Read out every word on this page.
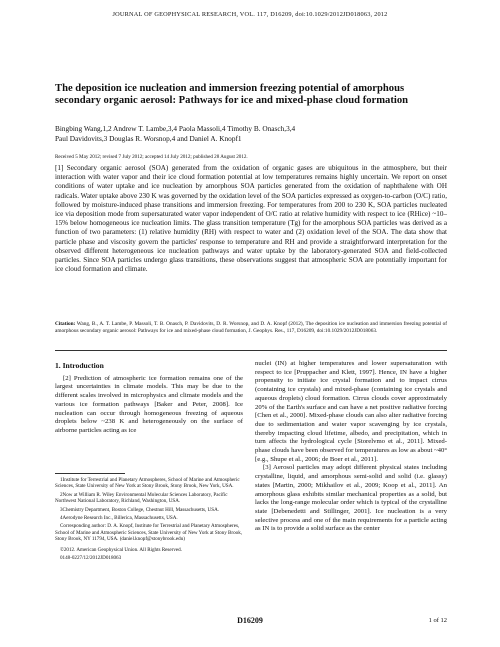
JOURNAL OF GEOPHYSICAL RESEARCH, VOL. 117, D16209, doi:10.1029/2012JD018063, 2012
The deposition ice nucleation and immersion freezing potential of amorphous secondary organic aerosol: Pathways for ice and mixed-phase cloud formation
Bingbing Wang,1,2 Andrew T. Lambe,3,4 Paola Massoli,4 Timothy B. Onasch,3,4
Paul Davidovits,3 Douglas R. Worsnop,4 and Daniel A. Knopf1
Received 5 May 2012; revised 7 July 2012; accepted 14 July 2012; published 28 August 2012.

[1] Secondary organic aerosol (SOA) generated from the oxidation of organic gases are ubiquitous in the atmosphere, but their interaction with water vapor and their ice cloud formation potential at low temperatures remains highly uncertain. We report on onset conditions of water uptake and ice nucleation by amorphous SOA particles generated from the oxidation of naphthalene with OH radicals. Water uptake above 230 K was governed by the oxidation level of the SOA particles expressed as oxygen-to-carbon (O/C) ratio, followed by moisture-induced phase transitions and immersion freezing. For temperatures from 200 to 230 K, SOA particles nucleated ice via deposition mode from supersaturated water vapor independent of O/C ratio at relative humidity with respect to ice (RHice) ~10–15% below homogeneous ice nucleation limits. The glass transition temperature (Tg) for the amorphous SOA particles was derived as a function of two parameters: (1) relative humidity (RH) with respect to water and (2) oxidation level of the SOA. The data show that particle phase and viscosity govern the particles' response to temperature and RH and provide a straightforward interpretation for the observed different heterogeneous ice nucleation pathways and water uptake by the laboratory-generated SOA and field-collected particles. Since SOA particles undergo glass transitions, these observations suggest that atmospheric SOA are potentially important for ice cloud formation and climate.

Citation: Wang, B., A. T. Lambe, P. Massoli, T. B. Onasch, P. Davidovits, D. R. Worsnop, and D. A. Knopf (2012), The deposition ice nucleation and immersion freezing potential of amorphous secondary organic aerosol: Pathways for ice and mixed-phase cloud formation, J. Geophys. Res., 117, D16209, doi:10.1029/2012JD018063.

1. Introduction

[2] Prediction of atmospheric ice formation remains one of the largest uncertainties in climate models. This may be due to the different scales involved in microphysics and climate models and the various ice formation pathways [Baker and Peter, 2008]. Ice nucleation can occur through homogeneous freezing of aqueous droplets below ~238 K and heterogeneously on the surface of airborne particles acting as ice

1Institute for Terrestrial and Planetary Atmospheres, School of Marine and Atmospheric Sciences, State University of New York at Stony Brook, Stony Brook, New York, USA.

2Now at William R. Wiley Environmental Molecular Sciences Laboratory, Pacific Northwest National Laboratory, Richland, Washington, USA.

3Chemistry Department, Boston College, Chestnut Hill, Massachusetts, USA.

4Aerodyne Research Inc., Billerica, Massachusetts, USA.

Corresponding author: D. A. Knopf, Institute for Terrestrial and Planetary Atmospheres, School of Marine and Atmospheric Sciences, State University of New York at Stony Brook, Stony Brook, NY 11794, USA. (daniel.knopf@stonybrook.edu)

©2012. American Geophysical Union. All Rights Reserved.

0148-0227/12/2012JD018063

nuclei (IN) at higher temperatures and lower supersaturation with respect to ice [Pruppacher and Klett, 1997]. Hence, IN have a higher propensity to initiate ice crystal formation and to impact cirrus (containing ice crystals) and mixed-phase (containing ice crystals and aqueous droplets) cloud formation. Cirrus clouds cover approximately 20% of the Earth's surface and can have a net positive radiative forcing [Chen et al., 2000]. Mixed-phase clouds can also alter radiative forcing due to sedimentation and water vapor scavenging by ice crystals, thereby impacting cloud lifetime, albedo, and precipitation, which in turn affects the hydrological cycle [Storelvmo et al., 2011]. Mixed-phase clouds have been observed for temperatures as low as about ~40° [e.g., Shupe et al., 2006; de Boer et al., 2011].

[3] Aerosol particles may adopt different physical states including crystalline, liquid, and amorphous semi-solid and solid (i.e. glassy) states [Martin, 2000; Mikhailov et al., 2009; Koop et al., 2011]. An amorphous glass exhibits similar mechanical properties as a solid, but lacks the long-range molecular order which is typical of the crystalline state [Debenedetti and Stillinger, 2001]. Ice nucleation is a very selective process and one of the main requirements for a particle acting as IN is to provide a solid surface as the center

D16209	1 of 12
